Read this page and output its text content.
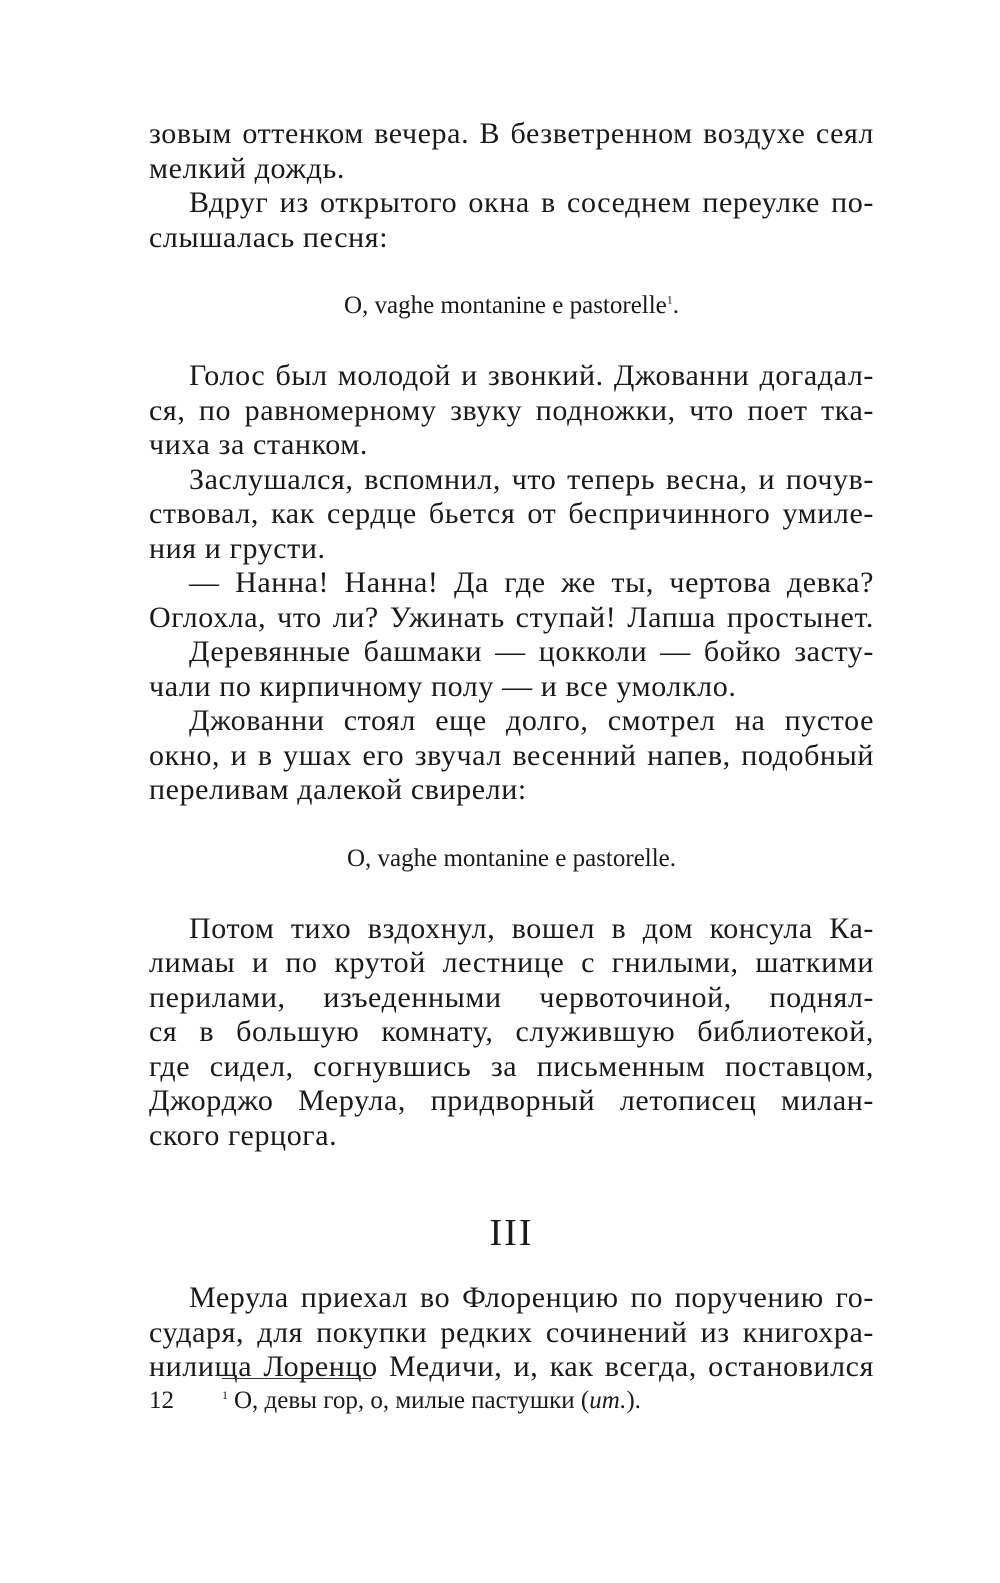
зовым оттенком вечера. В безветренном воздухе сеял
мелкий дождь.
Вдруг из открытого окна в соседнем переулке по-
слышалась песня:
O, vaghe montanine e pastorelle$^1$.
Голос был молодой и звонкий. Джованни догадал-
ся, по равномерному звуку подножки, что поет тка-
чиха за станком.
Заслушался, вспомнил, что теперь весна, и почув-
ствовал, как сердце бьется от беспричинного умиле-
ния и грусти.
— Нанна! Нанна! Да где же ты, чертова девка?
Оглохла, что ли? Ужинать ступай! Лапша простынет.
Деревянные башмаки — цокколи — бойко засту-
чали по кирпичному полу — и все умолкло.
Джованни стоял еще долго, смотрел на пустое
окно, и в ушах его звучал весенний напев, подобный
переливам далекой свирели:
O, vaghe montanine e pastorelle.
Потом тихо вздохнул, вошел в дом консула Ка-
лимаы и по крутой лестнице с гнилыми, шаткими
перилами, изъеденными червоточиной, поднял-
ся в большую комнату, служившую библиотекой,
где сидел, согнувшись за письменным поставцом,
Джорджо Мерула, придворный летописец милан-
ского герцога.
III
Мерула приехал во Флоренцию по поручению го-
сударя, для покупки редких сочинений из книгохра-
нилища Лоренцо Медичи, и, как всегда, остановился
12	$^1$ O, девы гор, о, милые пастушки (ит.).
